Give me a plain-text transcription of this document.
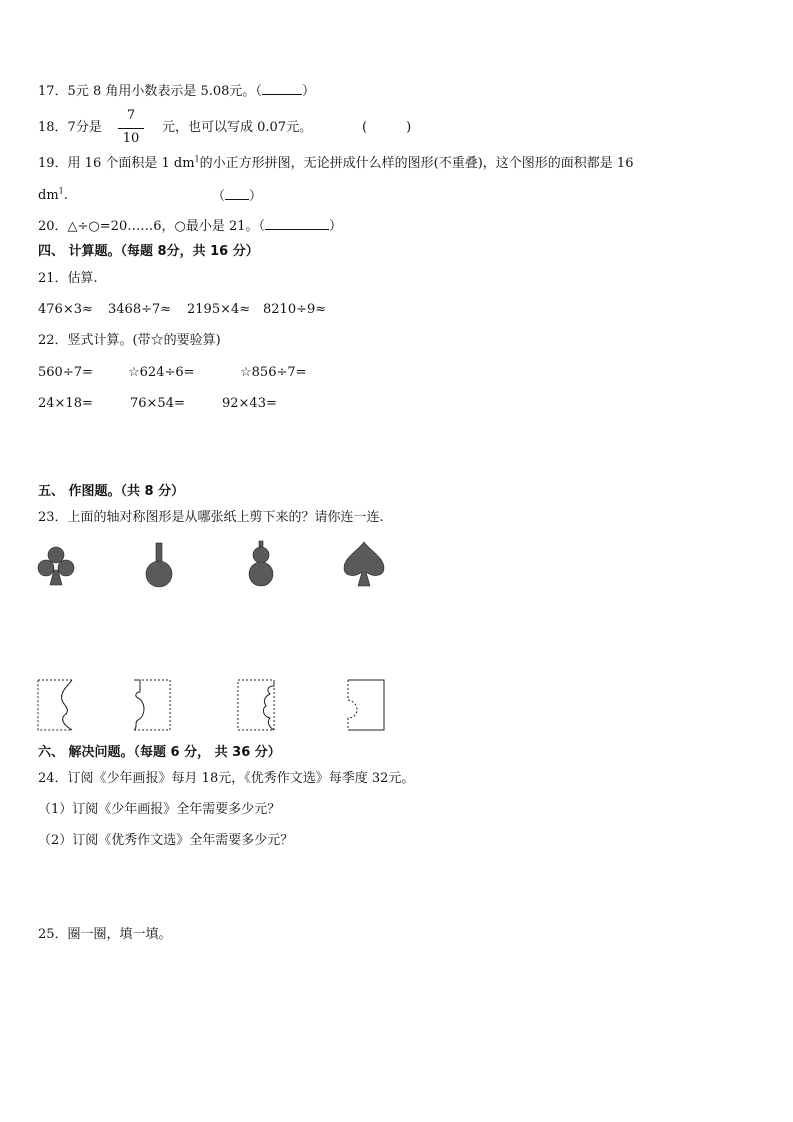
17．5元 8 角用小数表示是 5.08元。（	）
18．7分是
7
10
元，也可以写成 0.07元。	(　　　)
19．用 16 个面积是 1 $dm^1$的小正方形拼图，无论拼成什么样的图形(不重叠)，这个图形的面积都是 16
$dm^1$.	（ ）
20．△÷○=20……6，○最小是 21。（	）
四、 计算题。（每题 8分，共 16 分）
21．估算.
476×3≈ 3468÷7≈ 2195×4≈ 8210÷9≈
22．竖式计算。(带☆的要验算)
560÷7=	☆624÷6=	☆856÷7=
24×18=	76×54=	92×43=
五、 作图题。（共 8 分）
23．上面的轴对称图形是从哪张纸上剪下来的？请你连一连.
六、 解决问题。（每题 6 分， 共 36 分）
24．订阅《少年画报》每月 18元，《优秀作文选》每季度 32元。
（1）订阅《少年画报》全年需要多少元？
（2）订阅《优秀作文选》全年需要多少元？
25．圈一圈，填一填。
